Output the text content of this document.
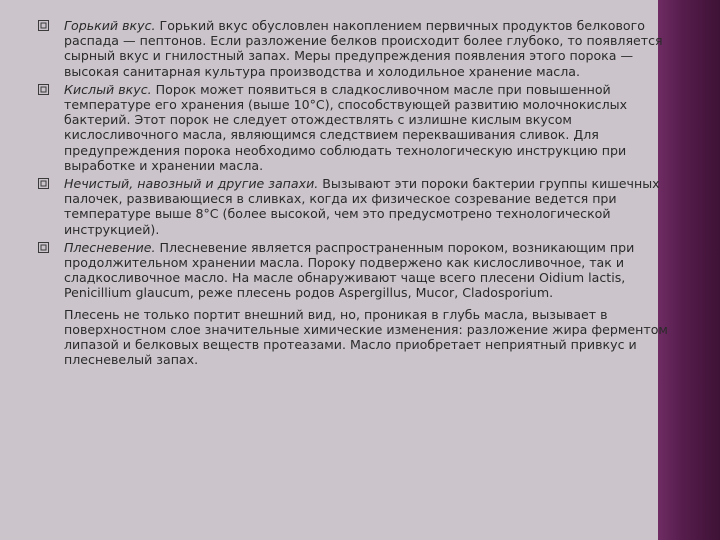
Горький вкус. Горький вкус обусловлен накоплением первичных продуктов белкового распада — пептонов. Если разложение белков происходит более глубоко, то появляется сырный вкус и гнилостный запах. Меры предупреждения появления этого порока — высокая санитарная культура производства и холодильное хранение масла.
Кислый вкус. Порок может появиться в сладкосливочном масле при повышенной температуре его хранения (выше 10°С), способствующей развитию молочнокислых бактерий. Этот порок не следует отождествлять с излишне кислым вкусом кислосливочного масла, являющимся следствием переквашивания сливок. Для предупреждения порока необходимо соблюдать технологическую инструкцию при выработке и хранении масла.
Нечистый, навозный и другие запахи. Вызывают эти пороки бактерии группы кишечных палочек, развивающиеся в сливках, когда их физическое созревание ведется при температуре выше 8°С (более высокой, чем это предусмотрено технологической инструкцией).
Плесневение. Плесневение является распространенным пороком, возникающим при продолжительном хранении масла. Пороку подвержено как кислосливочное, так и сладкосливочное масло. На масле обнаруживают чаще всего плесени Oidium lactis, Penicillium glaucum, реже плесень родов Aspergillus, Mucor, Cladosporium.
Плесень не только портит внешний вид, но, проникая в глубь масла, вызывает в поверхностном слое значительные химические изменения: разложение жира ферментом липазой и белковых веществ протеазами. Масло приобретает неприятный привкус и плесневелый запах.
